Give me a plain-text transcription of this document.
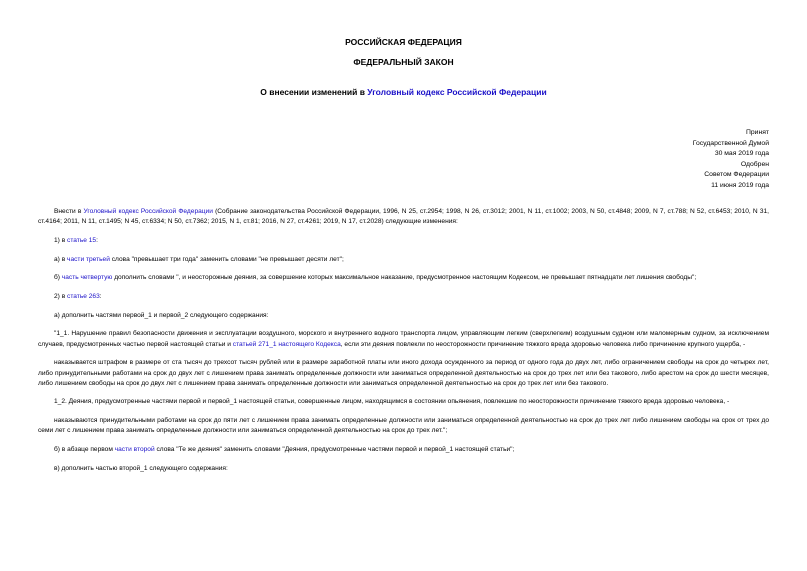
РОССИЙСКАЯ ФЕДЕРАЦИЯ
ФЕДЕРАЛЬНЫЙ ЗАКОН
О внесении изменений в Уголовный кодекс Российской Федерации
Принят
Государственной Думой
30 мая 2019 года
Одобрен
Советом Федерации
11 июня 2019 года

Внести в Уголовный кодекс Российской Федерации (Собрание законодательства Российской Федерации, 1996, N 25, ст.2954; 1998, N 26, ст.3012; 2001, N 11, ст.1002; 2003, N 50, ст.4848; 2009, N 7, ст.788; N 52, ст.6453; 2010, N 31, ст.4164; 2011, N 11, ст.1495; N 45, ст.6334; N 50, ст.7362; 2015, N 1, ст.81; 2016, N 27, ст.4261; 2019, N 17, ст.2028) следующие изменения:

1) в статье 15:

а) в части третьей слова "превышает три года" заменить словами "не превышает десяти лет";

б) часть четвертую дополнить словами ", и неосторожные деяния, за совершение которых максимальное наказание, предусмотренное настоящим Кодексом, не превышает пятнадцати лет лишения свободы";

2) в статье 263:

а) дополнить частями первой_1 и первой_2 следующего содержания:

"1_1. Нарушение правил безопасности движения и эксплуатации воздушного, морского и внутреннего водного транспорта лицом, управляющим легким (сверхлегким) воздушным судном или маломерным судном, за исключением случаев, предусмотренных частью первой настоящей статьи и статьей 271_1 настоящего Кодекса, если эти деяния повлекли по неосторожности причинение тяжкого вреда здоровью человека либо причинение крупного ущерба, -

наказывается штрафом в размере от ста тысяч до трехсот тысяч рублей или в размере заработной платы или иного дохода осужденного за период от одного года до двух лет, либо ограничением свободы на срок до четырех лет, либо принудительными работами на срок до двух лет с лишением права занимать определенные должности или заниматься определенной деятельностью на срок до трех лет или без такового, либо арестом на срок до шести месяцев, либо лишением свободы на срок до двух лет с лишением права занимать определенные должности или заниматься определенной деятельностью на срок до трех лет или без такового.

1_2. Деяния, предусмотренные частями первой и первой_1 настоящей статьи, совершенные лицом, находящимся в состоянии опьянения, повлекшие по неосторожности причинение тяжкого вреда здоровью человека, -

наказываются принудительными работами на срок до пяти лет с лишением права занимать определенные должности или заниматься определенной деятельностью на срок до трех лет либо лишением свободы на срок от трех до семи лет с лишением права занимать определенные должности или заниматься определенной деятельностью на срок до трех лет.";

б) в абзаце первом части второй слова "Те же деяния" заменить словами "Деяния, предусмотренные частями первой и первой_1 настоящей статьи";

в) дополнить частью второй_1 следующего содержания:
